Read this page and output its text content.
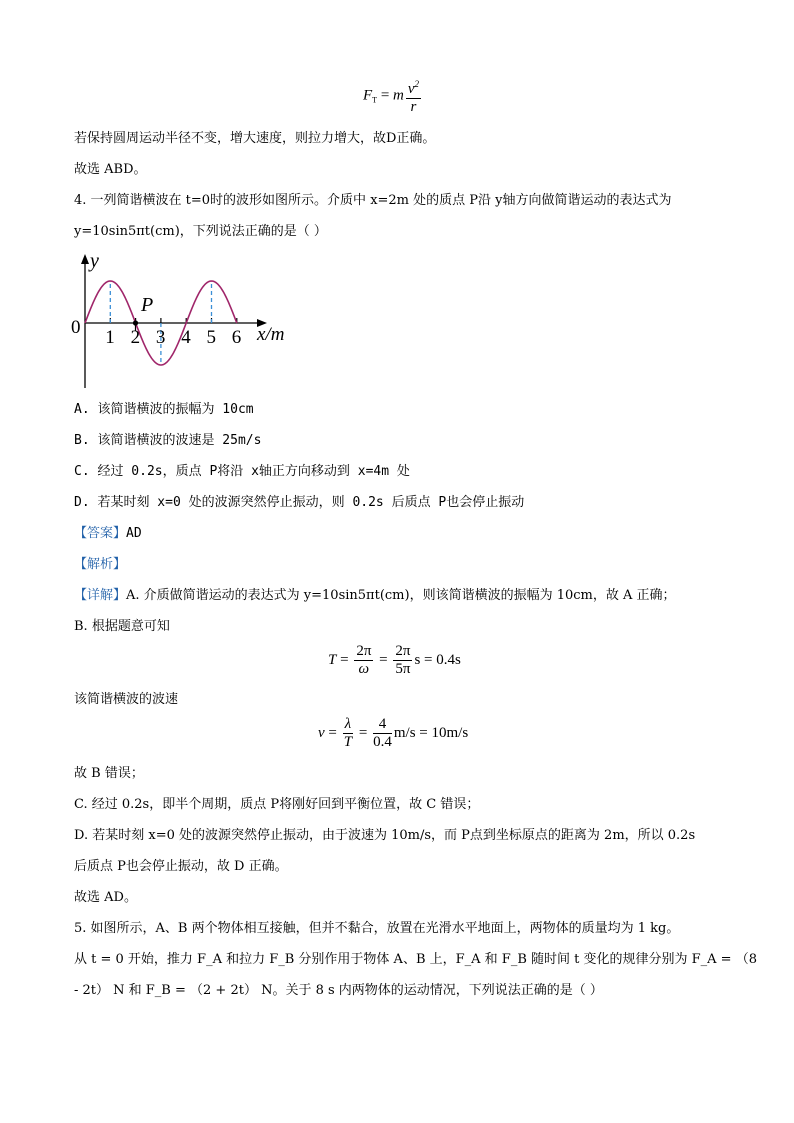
$F_T = m \frac{v^2}{r}$
若保持圆周运动半径不变，增大速度，则拉力增大，故D正确。
故选 ABD。
4. 一列简谐横波在 t=0时的波形如图所示。介质中 x=2m 处的质点 P沿 y轴方向做简谐运动的表达式为
y=10sin5πt(cm)，下列说法正确的是（ ）
P
y
0	x/m
1 2 3 4 5 6
A. 该简谐横波的振幅为 10cm
B. 该简谐横波的波速是 25m/s
C. 经过 0.2s，质点 P将沿 x轴正方向移动到 x=4m 处
D. 若某时刻 x=0 处的波源突然停止振动，则 0.2s 后质点 P也会停止振动
【答案】AD
【解析】
【详解】A. 介质做简谐运动的表达式为 y=10sin5πt(cm)，则该简谐横波的振幅为 10cm，故 A 正确；
B. 根据题意可知
$T = \frac{2\pi}{\omega} = \frac{2\pi}{5\pi}$ s = 0.4s
该简谐横波的波速
$v = \frac{\lambda}{T} = \frac{4}{0.4} m/s = 10m/s$
故 B 错误；
C. 经过 0.2s，即半个周期，质点 P将刚好回到平衡位置，故 C 错误；
D. 若某时刻 x=0 处的波源突然停止振动，由于波速为 10m/s，而 P点到坐标原点的距离为 2m，所以 0.2s
后质点 P也会停止振动，故 D 正确。
故选 AD。
5. 如图所示，A、B 两个物体相互接触，但并不黏合，放置在光滑水平地面上，两物体的质量均为 1 kg。
从 t = 0 开始，推力 F_A 和拉力 F_B 分别作用于物体 A、B 上，F_A 和 F_B 随时间 t 变化的规律分别为 F_A = （8
- 2t） N 和 F_B = （2 + 2t） N。关于 8 s 内两物体的运动情况，下列说法正确的是（ ）
